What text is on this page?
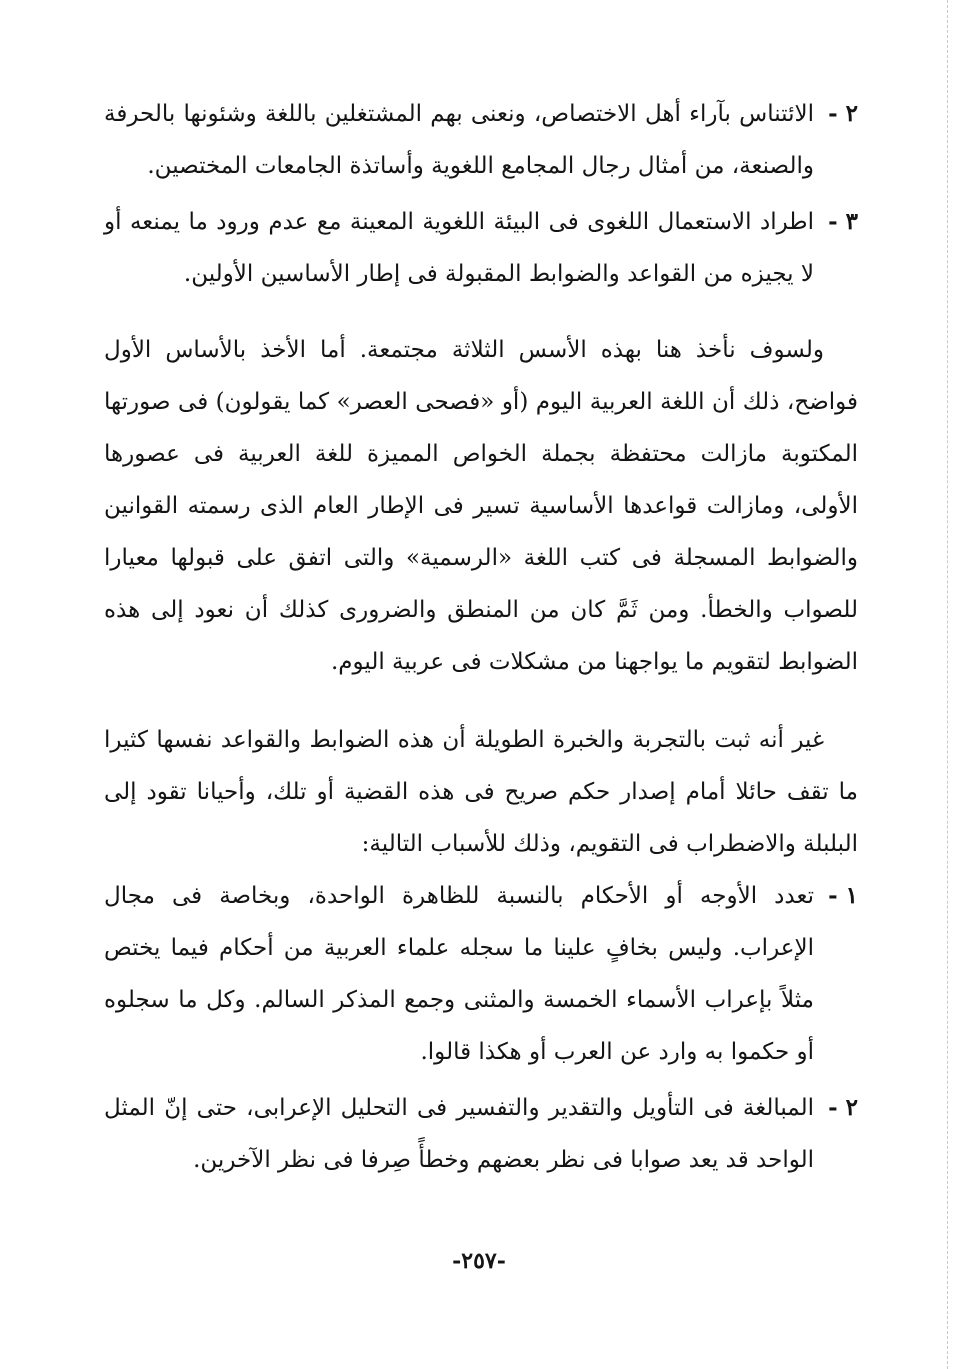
٢ -
الائتناس بآراء أهل الاختصاص، ونعنى بهم المشتغلين باللغة وشئونها بالحرفة والصنعة، من أمثال رجال المجامع اللغوية وأساتذة الجامعات المختصين.
٣ -
اطراد الاستعمال اللغوى فى البيئة اللغوية المعينة مع عدم ورود ما يمنعه أو لا يجيزه من القواعد والضوابط المقبولة فى إطار الأساسين الأولين.

ولسوف نأخذ هنا بهذه الأسس الثلاثة مجتمعة. أما الأخذ بالأساس الأول فواضح، ذلك أن اللغة العربية اليوم (أو «فصحى العصر» كما يقولون) فى صورتها المكتوبة مازالت محتفظة بجملة الخواص المميزة للغة العربية فى عصورها الأولى، ومازالت قواعدها الأساسية تسير فى الإطار العام الذى رسمته القوانين والضوابط المسجلة فى كتب اللغة «الرسمية» والتى اتفق على قبولها معيارا للصواب والخطأ. ومن ثَمَّ كان من المنطق والضرورى كذلك أن نعود إلى هذه الضوابط لتقويم ما يواجهنا من مشكلات فى عربية اليوم.

غير أنه ثبت بالتجربة والخبرة الطويلة أن هذه الضوابط والقواعد نفسها كثيرا ما تقف حائلا أمام إصدار حكم صريح فى هذه القضية أو تلك، وأحيانا تقود إلى البلبلة والاضطراب فى التقويم، وذلك للأسباب التالية:

١ -
تعدد الأوجه أو الأحكام بالنسبة للظاهرة الواحدة، وبخاصة فى مجال الإعراب. وليس بخافٍ علينا ما سجله علماء العربية من أحكام فيما يختص مثلاً بإعراب الأسماء الخمسة والمثنى وجمع المذكر السالم. وكل ما سجلوه أو حكموا به وارد عن العرب أو هكذا قالوا.
٢ -
المبالغة فى التأويل والتقدير والتفسير فى التحليل الإعرابى، حتى إنّ المثل الواحد قد يعد صوابا فى نظر بعضهم وخطأً صِرفا فى نظر الآخرين.
-٢٥٧-
